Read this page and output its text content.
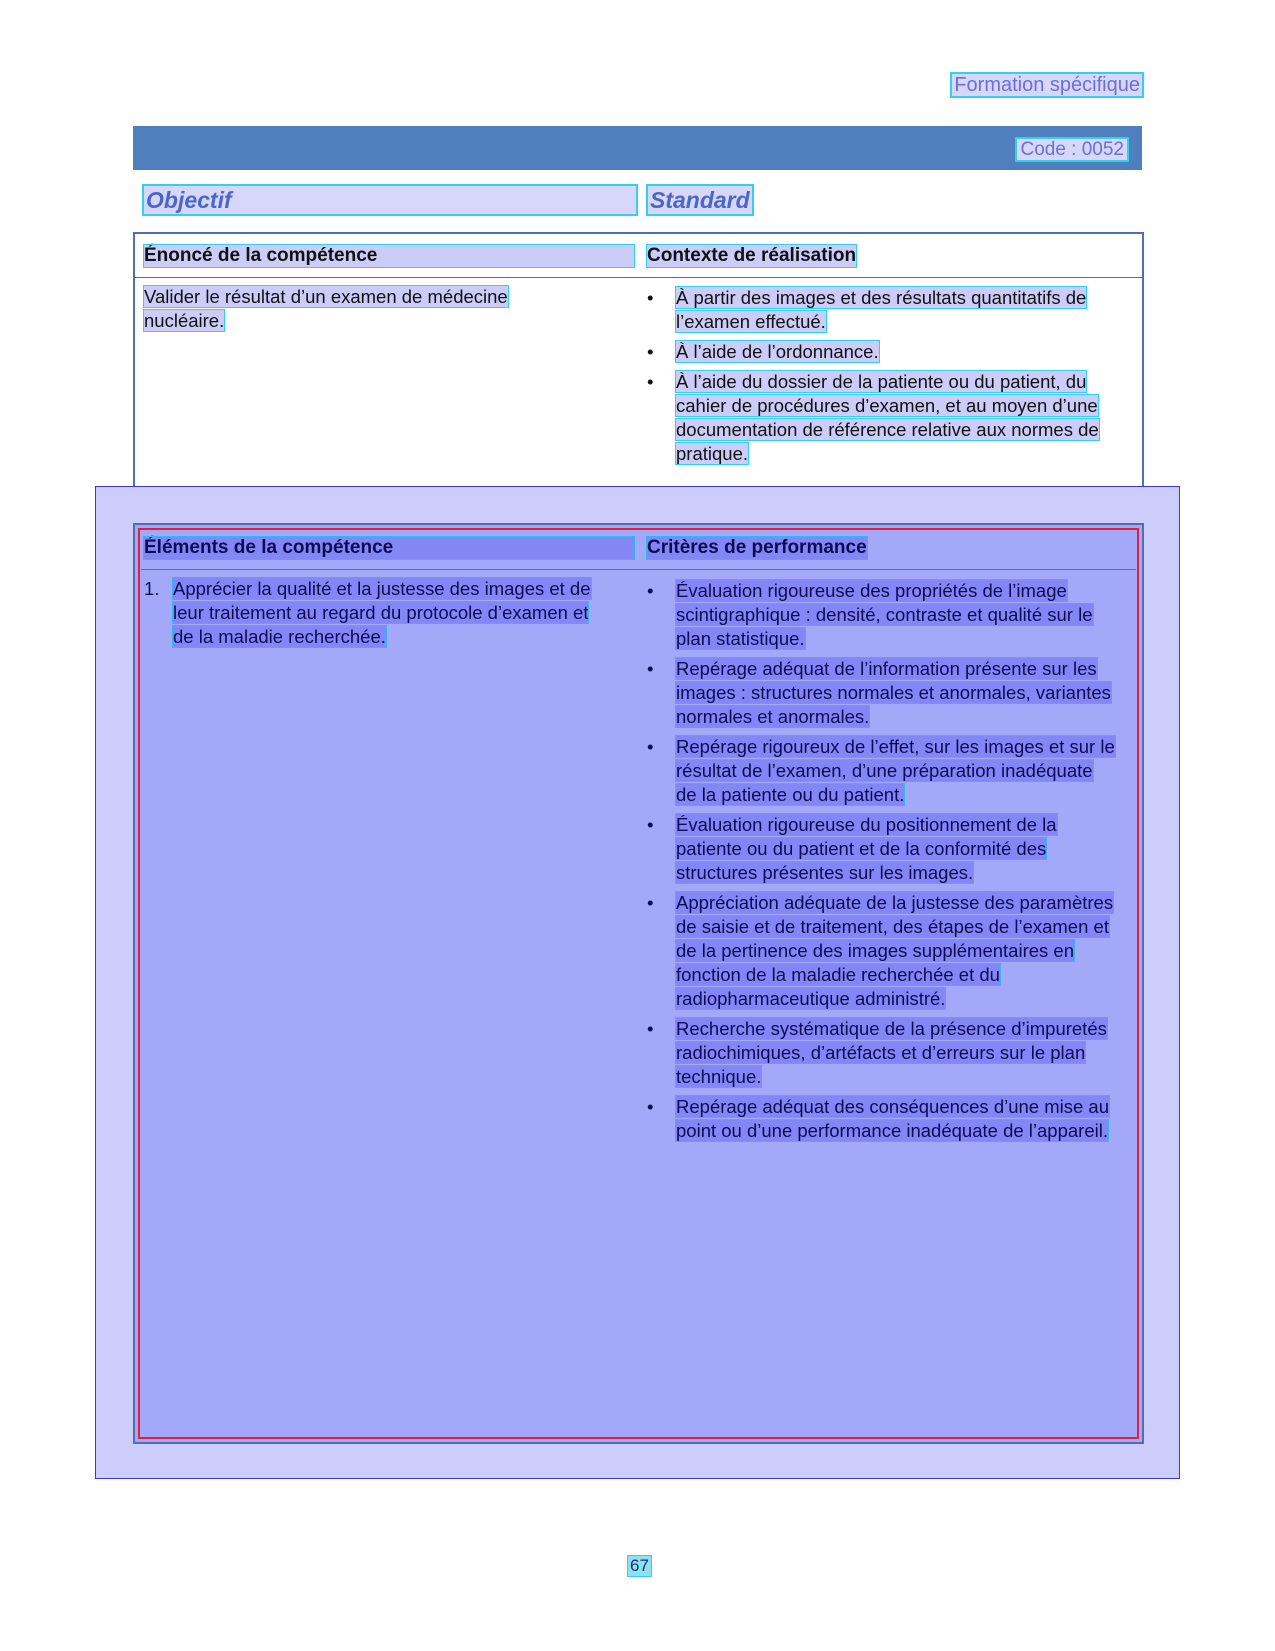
Formation spécifique
Code : 0052
Objectif	Standard
Énoncé de la compétence	Contexte de réalisation
Valider le résultat d’un examen de médecine nucléaire.
•	À partir des images et des résultats quantitatifs de l’examen effectué.
•	À l’aide de l’ordonnance.
•	À l’aide du dossier de la patiente ou du patient, du cahier de procédures d’examen, et au moyen d’une documentation de référence relative aux normes de pratique.
Éléments de la compétence	Critères de performance
1. Apprécier la qualité et la justesse des images et de leur traitement au regard du protocole d’examen et de la maladie recherchée.
•	Évaluation rigoureuse des propriétés de l’image scintigraphique : densité, contraste et qualité sur le plan statistique.
•	Repérage adéquat de l’information présente sur les images : structures normales et anormales, variantes normales et anormales.
•	Repérage rigoureux de l’effet, sur les images et sur le résultat de l’examen, d’une préparation inadéquate de la patiente ou du patient.
•	Évaluation rigoureuse du positionnement de la patiente ou du patient et de la conformité des structures présentes sur les images.
•	Appréciation adéquate de la justesse des paramètres de saisie et de traitement, des étapes de l’examen et de la pertinence des images supplémentaires en fonction de la maladie recherchée et du radiopharmaceutique administré.
•	Recherche systématique de la présence d’impuretés radiochimiques, d’artéfacts et d’erreurs sur le plan technique.
•	Repérage adéquat des conséquences d’une mise au point ou d’une performance inadéquate de l’appareil.
67
